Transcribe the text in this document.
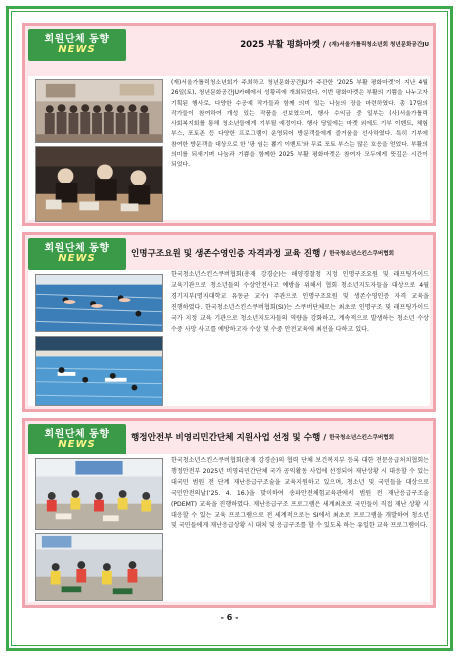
회원단체 동향
NEWS	2025 부활 평화마켓 / (재)서울가톨릭청소년회 청년문화공간JU
(재)서울가톨릭청소년회가 주최하고 청년문화공간JU가 주관한 '2025 부활 평화마켓'이 지난 4월 26일(토), 청년문화공간JU카페에서 성황리에 개최되었다. 이번 평화마켓은 부활의 기쁨을 나누고자 기획된 행사로, 다양한 수공예 작가들과 함께 의미 있는 나눔의 장을 마련하였다. 총 17팀의 작가들이 참여하여 개성 있는 작품을 선보였으며, 행사 수익금 중 일부는 (사)서울가톨릭 사회복지회를 통해 청소년들에게 기부될 예정이다. 행사 당일에는 마켓 외에도 기부 이벤트, 체험 부스, 포토존 등 다양한 프로그램이 운영되어 방문객들에게 즐거움을 선사하였다. 특히 기부에 참여한 방문객을 대상으로 한 '팡 임는 뽑기 이벤트'와 무료 포토 부스는 많은 호응을 얻었다. 부활의 의미를 되새기며 나눔과 기쁨을 함께한 2025 부활 평화마켓은 참여자 모두에게 뜻깊은 시간이 되었다.
회원단체 동향
NEWS	인명구조요원 및 생존수영인증 자격과정 교육 진행 / 한국청소년스킨스쿠버협회
한국청소년스킨스쿠버협회(총재 강경순)는 해양경찰청 지정 인명구조요원 및 래프팅가이드 교육기관으로 청소년들의 수상안전사고 예방을 위해서 협회 청소년지도자들을 대상으로 4월 경기지부(명지대학교 유동균 교수) 주관으로 인명구조요원 및 생존수영인증 자격 교육을 진행하였다. 한국청소년스킨스쿠버협회(SI)는 스쿠버단체로는 최초로 인명구조 및 래프팅가이드 국가 지정 교육 기관으로 청소년지도자들의 역량을 강화하고, 계속적으로 발생하는 청소년 수상 수중 사망 사고를 예방하고자 수상 및 수중 안전교육에 최선을 다하고 있다.
회원단체 동향
NEWS
행정안전부 비영리민간단체 지원사업 선정 및 수행 / 한국청소년스킨스쿠버협회
한국청소년스킨스쿠버협회(총재 강경순)의 협력 단체 보건복지부 등록 대한 전문응급처치협회는 행정안전부 2025년 비영리민간단체 국가 공익활동 사업에 선정되어 재난상황 시 대응할 수 있는 대국민 범원 전 단계 재난응급구조술을 교육지원하고 있으며, 청소년 및 국민들을 대상으로 국민안전의날(‘25. 4. 16.)을 맞이하여 송파안전체험교육관에서 범원 전 재난응급구조술(PDEMT) 교육을 진행하였다. 재난응급구조 프로그램은 세계최초로 국민들이 직접 재난 상황 시 대응할 수 있는 교육 프로그램으로 전 세계적으로는 SI에서 최초로 프로그램을 개발하여 청소년 및 국민들에게 재난응급상황 시 대처 및 응급구조를 할 수 있도록 하는 유일한 교육 프로그램이다.
- 6 -
